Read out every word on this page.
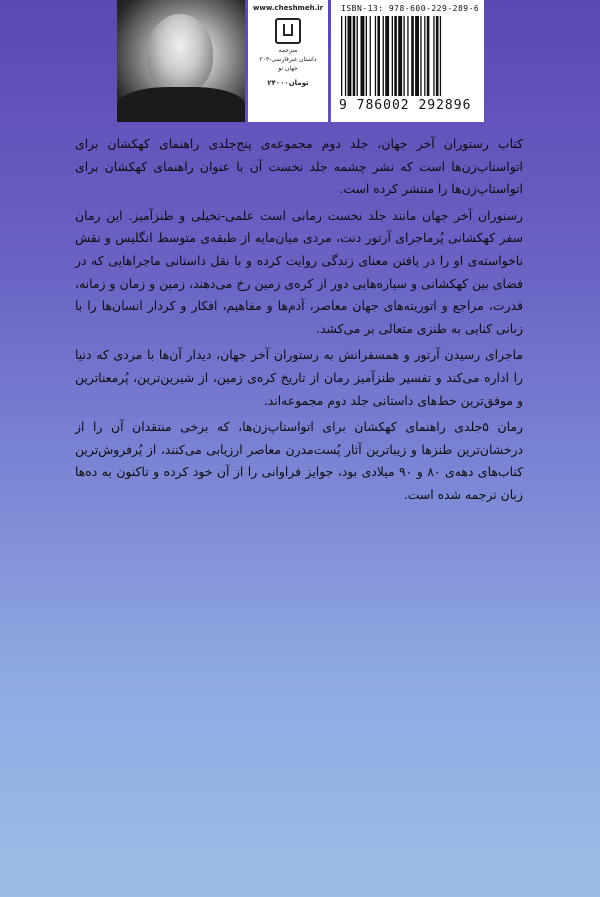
www.cheshmeh.ir
مترجمه
داستان غیرفارسی-۲۰۳
جهان نو
۲۴۰۰۰تومان
ISBN-13: 978-600-229-289-6
9 786002 292896

کتاب رستوران آخر جهان، جلد دوم مجموعه‌ی پنج‌جلدی راهنمای کهکشان برای اتواستاپ‌زن‌ها است که نشر چشمه جلد نخست آن با عنوان راهنمای کهکشان برای اتواستاپ‌زن‌ها را منتشر کرده است.

رستوران آخر جهان مانند جلد نخست رمانی است علمی-تخیلی و طنزآمیز. این رمان سفر کهکشانی پُرماجرای آرتور دنت، مردی میان‌مایه از طبقه‌ی متوسط انگلیس و نقش ناخواسته‌ی او را در یافتن معنای زندگی روایت کرده و با نقل داستانی ماجراهایی که در فضای بین کهکشانی و سیاره‌هایی دور از کره‌ی زمین رخ می‌دهند، زمین و زمان و زمانه، قدرت، مراجع و اتوریته‌های جهان معاصر، آدم‌ها و مفاهیم، افکار و کردار انسان‌ها را با زبانی کنایی به طنزی متعالی بر می‌کشد.

ماجرای رسیدن آرتور و همسفرانش به رستوران آخر جهان، دیدار آن‌ها با مردی که دنیا را اداره می‌کند و تفسیر طنزآمیز رمان از تاریخ کره‌ی زمین، از شیرین‌ترین، پُرمعناترین و موفق‌ترین خط‌های داستانی جلد دوم مجموعه‌اند.

رمان ۵جلدی راهنمای کهکشان برای اتواستاپ‌زن‌ها، که برخی منتقدان آن را از درخشان‌ترین طنزها و زیباترین آثار پُست‌مدرن معاصر ارزیابی می‌کنند، از پُرفروش‌ترین کتاب‌های دهه‌ی ۸۰ و ۹۰ میلادی بود، جوایز فراوانی را از آن خود کرده و تاکنون به ده‌ها زبان ترجمه شده است.
